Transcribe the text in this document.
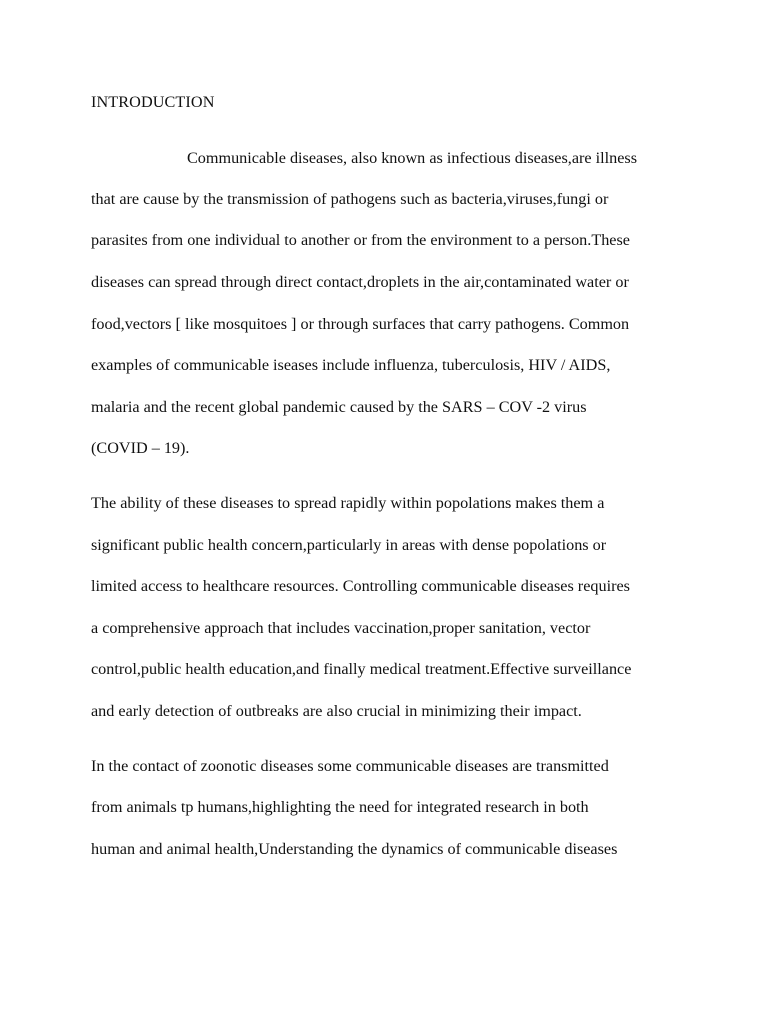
INTRODUCTION
Communicable diseases, also known as infectious diseases,are illness
that are cause by the transmission of pathogens such as bacteria,viruses,fungi or
parasites from one individual to another or from the environment to a person.These
diseases can spread through direct contact,droplets in the air,contaminated water or
food,vectors [ like mosquitoes ] or through surfaces that carry pathogens. Common
examples of communicable iseases include influenza, tuberculosis, HIV / AIDS,
malaria and the recent global pandemic caused by the SARS – COV -2 virus
(COVID – 19).
The ability of these diseases to spread rapidly within popolations makes them a
significant public health concern,particularly in areas with dense popolations or
limited access to healthcare resources. Controlling communicable diseases requires
a comprehensive approach that includes vaccination,proper sanitation, vector
control,public health education,and finally medical treatment.Effective surveillance
and early detection of outbreaks are also crucial in minimizing their impact.
In the contact of zoonotic diseases some communicable diseases are transmitted
from animals tp humans,highlighting the need for integrated research in both
human and animal health,Understanding the dynamics of communicable diseases
